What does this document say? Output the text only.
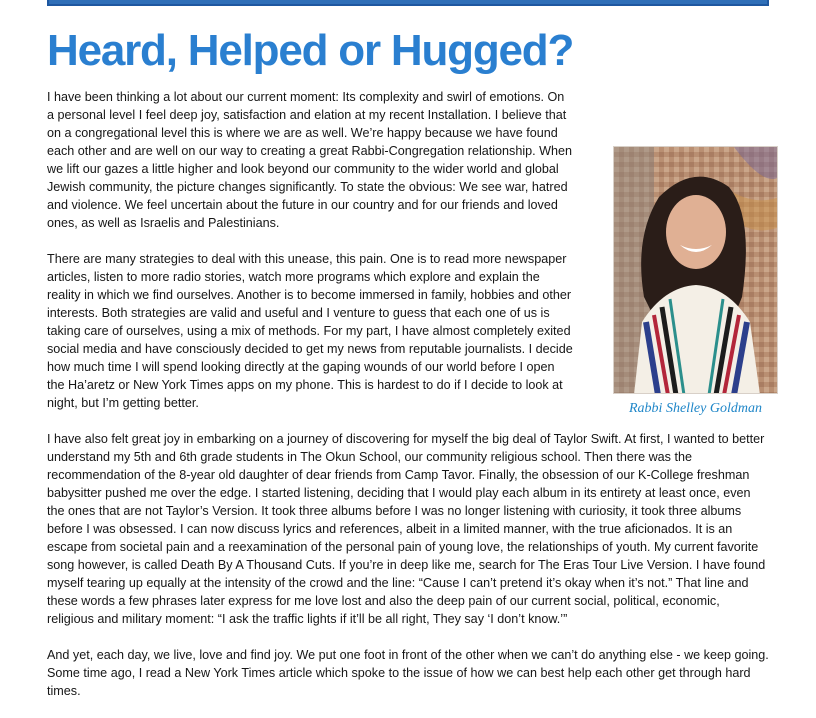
Heard, Helped or Hugged?

I have been thinking a lot about our current moment: Its complexity and swirl of emotions. On a personal level I feel deep joy, satisfaction and elation at my recent Installation. I believe that on a congregational level this is where we are as well. We’re happy because we have found each other and are well on our way to creating a great Rabbi-Congregation relationship. When we lift our gazes a little higher and look beyond our community to the wider world and global Jewish community, the picture changes significantly. To state the obvious: We see war, hatred and violence. We feel uncertain about the future in our country and for our friends and loved ones, as well as Israelis and Palestinians.

There are many strategies to deal with this unease, this pain. One is to read more newspaper articles, listen to more radio stories, watch more programs which explore and explain the reality in which we find ourselves. Another is to become immersed in family, hobbies and other interests. Both strategies are valid and useful and I venture to guess that each one of us is taking care of ourselves, using a mix of methods. For my part, I have almost completely exited social media and have consciously decided to get my news from reputable journalists. I decide how much time I will spend looking directly at the gaping wounds of our world before I open the Ha’aretz or New York Times apps on my phone. This is hardest to do if I decide to look at night, but I’m getting better.

I have also felt great joy in embarking on a journey of discovering for myself the big deal of Taylor Swift. At first, I wanted to better understand my 5th and 6th grade students in The Okun School, our community religious school. Then there was the recommendation of the 8-year old daughter of dear friends from Camp Tavor. Finally, the obsession of our K-College freshman babysitter pushed me over the edge. I started listening, deciding that I would play each album in its entirety at least once, even the ones that are not Taylor’s Version. It took three albums before I was no longer listening with curiosity, it took three albums before I was obsessed. I can now discuss lyrics and references, albeit in a limited manner, with the true aficionados. It is an escape from societal pain and a reexamination of the personal pain of young love, the relationships of youth. My current favorite song however, is called Death By A Thousand Cuts. If you’re in deep like me, search for The Eras Tour Live Version. I have found myself tearing up equally at the intensity of the crowd and the line: “Cause I can’t pretend it’s okay when it’s not.” That line and these words a few phrases later express for me love lost and also the deep pain of our current social, political, economic, religious and military moment: “I ask the traffic lights if it’ll be all right, They say ‘I don’t know.’”

And yet, each day, we live, love and find joy. We put one foot in front of the other when we can’t do anything else - we keep going. Some time ago, I read a New York Times article which spoke to the issue of how we can best help each other get through hard times.

Rabbi Shelley Goldman
